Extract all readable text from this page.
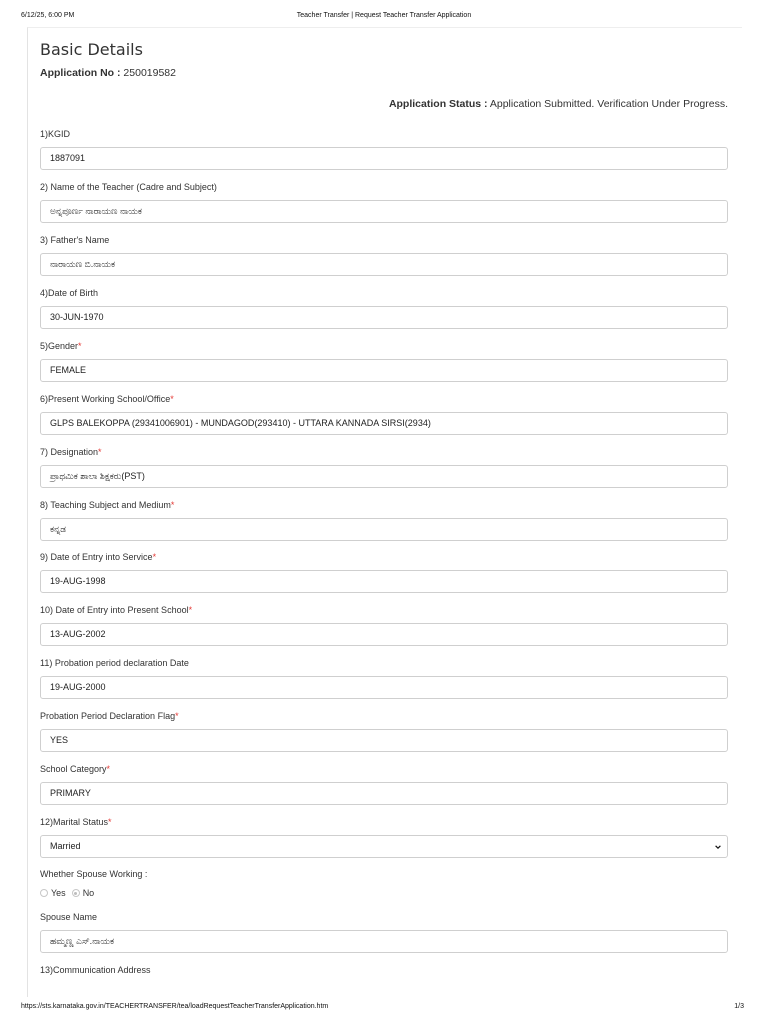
6/12/25, 6:00 PM	Teacher Transfer | Request Teacher Transfer Application
Basic Details
Application No : 250019582
Application Status : Application Submitted. Verification Under Progress.
1)KGID
1887091
2) Name of the Teacher (Cadre and Subject)
ಅನ್ನಪೂರ್ಣ ನಾರಾಯಣ ನಾಯಕ
3) Father's Name
ನಾರಾಯಣ ಬಿ.ನಾಯಕ
4)Date of Birth
30-JUN-1970
5)Gender*
FEMALE
6)Present Working School/Office*
GLPS BALEKOPPA (29341006901) - MUNDAGOD(293410) - UTTARA KANNADA SIRSI(2934)
7) Designation*
ಪ್ರಾಥಮಿಕ ಶಾಲಾ ಶಿಕ್ಷಕರು(PST)
8) Teaching Subject and Medium*
ಕನ್ನಡ
9) Date of Entry into Service*
19-AUG-1998
10) Date of Entry into Present School*
13-AUG-2002
11) Probation period declaration Date
19-AUG-2000
Probation Period Declaration Flag*
YES
School Category*
PRIMARY
12)Marital Status*
Married
Whether Spouse Working :
Yes No
Spouse Name
ಹಮ್ಮಣ್ಣ ಎಸ್.ನಾಯಕ
13)Communication Address
https://sts.karnataka.gov.in/TEACHERTRANSFER/tea/loadRequestTeacherTransferApplication.htm	1/3
